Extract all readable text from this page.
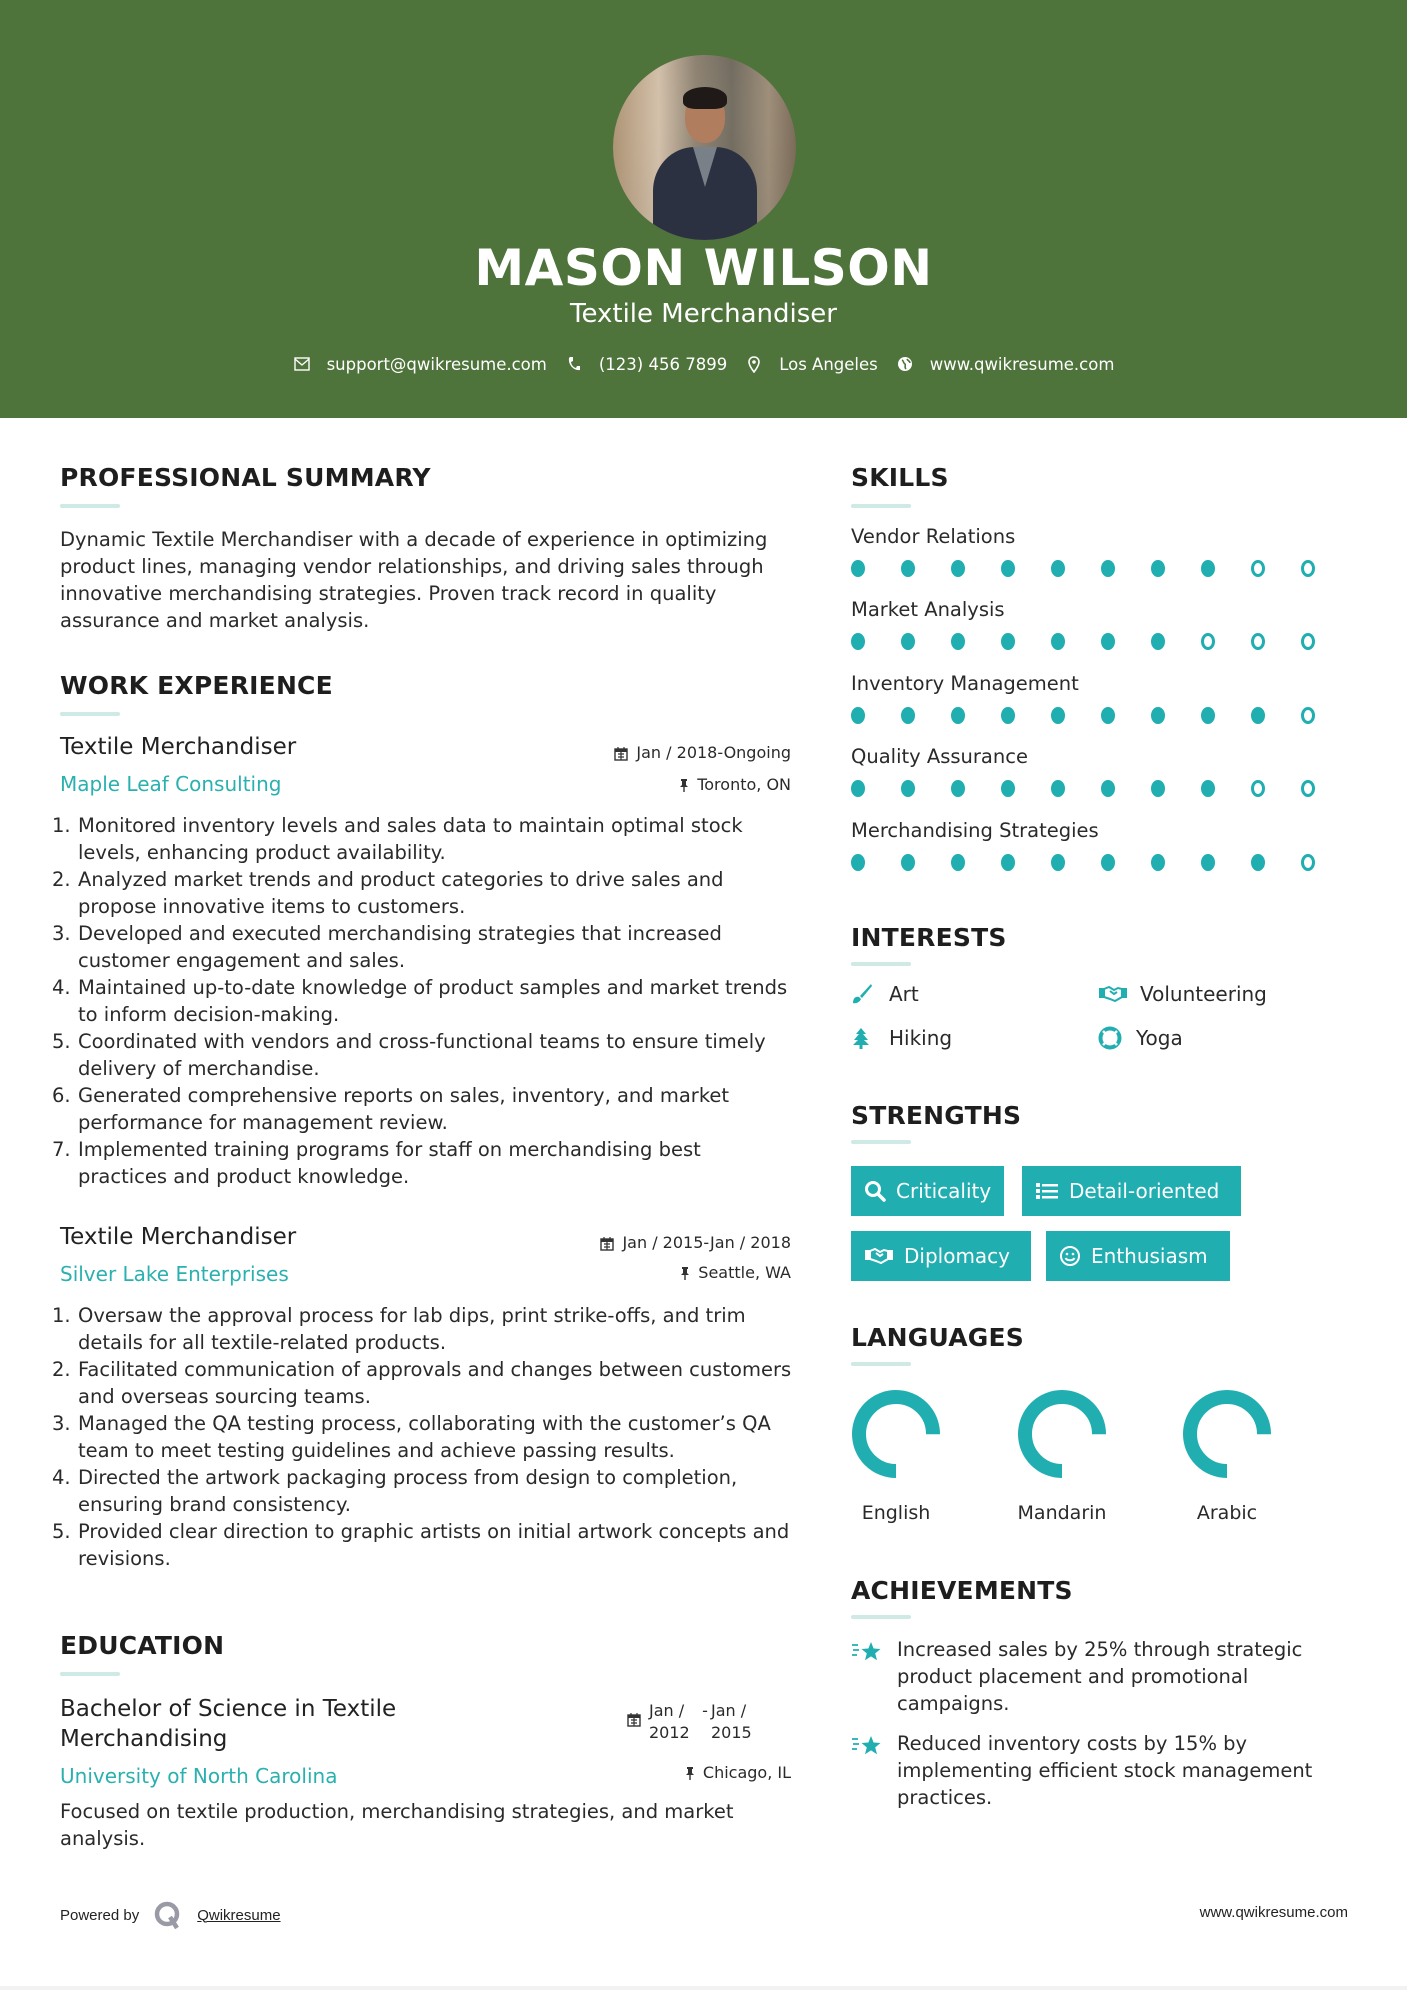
MASON WILSON
Textile Merchandiser
support@qwikresume.com	(123) 456 7899	Los Angeles	www.qwikresume.com
PROFESSIONAL SUMMARY

Dynamic Textile Merchandiser with a decade of experience in optimizing product lines, managing vendor relationships, and driving sales through innovative merchandising strategies. Proven track record in quality assurance and market analysis.

WORK EXPERIENCE
Textile Merchandiser	Jan / 2018-Ongoing
Maple Leaf Consulting	Toronto, ON
Monitored inventory levels and sales data to maintain optimal stock levels, enhancing product availability.
Analyzed market trends and product categories to drive sales and propose innovative items to customers.
Developed and executed merchandising strategies that increased customer engagement and sales.
Maintained up-to-date knowledge of product samples and market trends to inform decision-making.
Coordinated with vendors and cross-functional teams to ensure timely delivery of merchandise.
Generated comprehensive reports on sales, inventory, and market performance for management review.
Implemented training programs for staff on merchandising best practices and product knowledge.
Textile Merchandiser	Jan / 2015-Jan / 2018
Silver Lake Enterprises	Seattle, WA
Oversaw the approval process for lab dips, print strike-offs, and trim details for all textile-related products.
Facilitated communication of approvals and changes between customers and overseas sourcing teams.
Managed the QA testing process, collaborating with the customer’s QA team to meet testing guidelines and achieve passing results.
Directed the artwork packaging process from design to completion, ensuring brand consistency.
Provided clear direction to graphic artists on initial artwork concepts and revisions.
EDUCATION
Bachelor of Science in Textile Merchandising
Jan / 2012
- Jan / 2015
University of North Carolina	Chicago, IL

Focused on textile production, merchandising strategies, and market analysis.

SKILLS
Vendor Relations
Market Analysis
Inventory Management
Quality Assurance
Merchandising Strategies
INTERESTS
Art	Volunteering
Hiking	Yoga
STRENGTHS
Criticality	Detail-oriented
Diplomacy	Enthusiasm
LANGUAGES
English	Mandarin	Arabic
ACHIEVEMENTS
Increased sales by 25% through strategic product placement and promotional campaigns.
Reduced inventory costs by 15% by implementing efficient stock management practices.
Powered by	Qwikresume	www.qwikresume.com
